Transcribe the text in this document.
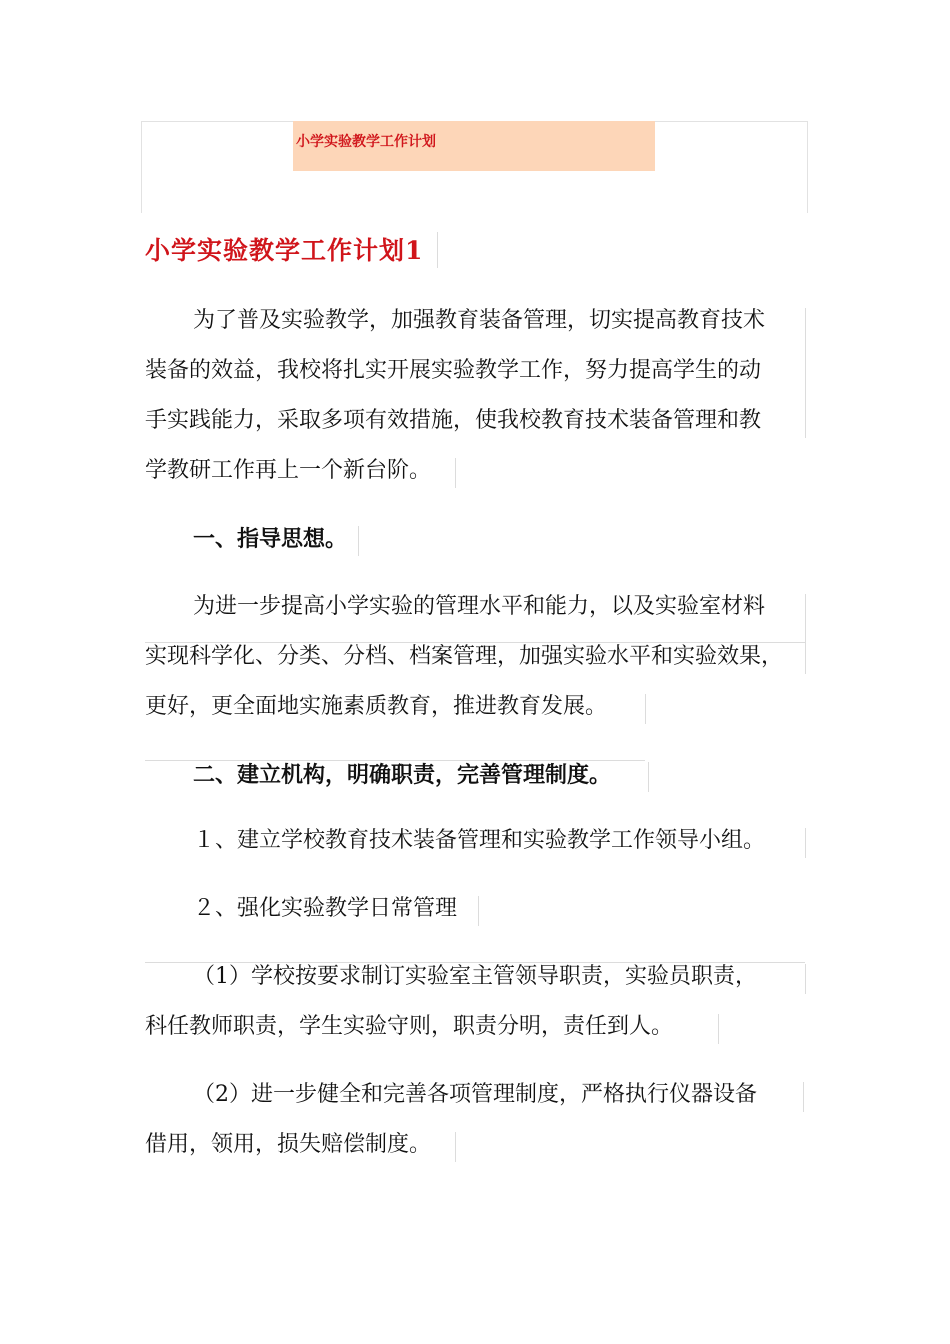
小学实验教学工作计划
小学实验教学工作计划1
为了普及实验教学，加强教育装备管理，切实提高教育技术
装备的效益，我校将扎实开展实验教学工作，努力提高学生的动
手实践能力，采取多项有效措施，使我校教育技术装备管理和教
学教研工作再上一个新台阶。
一、指导思想。
为进一步提高小学实验的管理水平和能力，以及实验室材料
实现科学化、分类、分档、档案管理，加强实验水平和实验效果，
更好，更全面地实施素质教育，推进教育发展。
二、建立机构，明确职责，完善管理制度。
１、建立学校教育技术装备管理和实验教学工作领导小组。
２、强化实验教学日常管理
（1）学校按要求制订实验室主管领导职责，实验员职责，
科任教师职责，学生实验守则，职责分明，责任到人。
（2）进一步健全和完善各项管理制度，严格执行仪器设备
借用，领用，损失赔偿制度。
